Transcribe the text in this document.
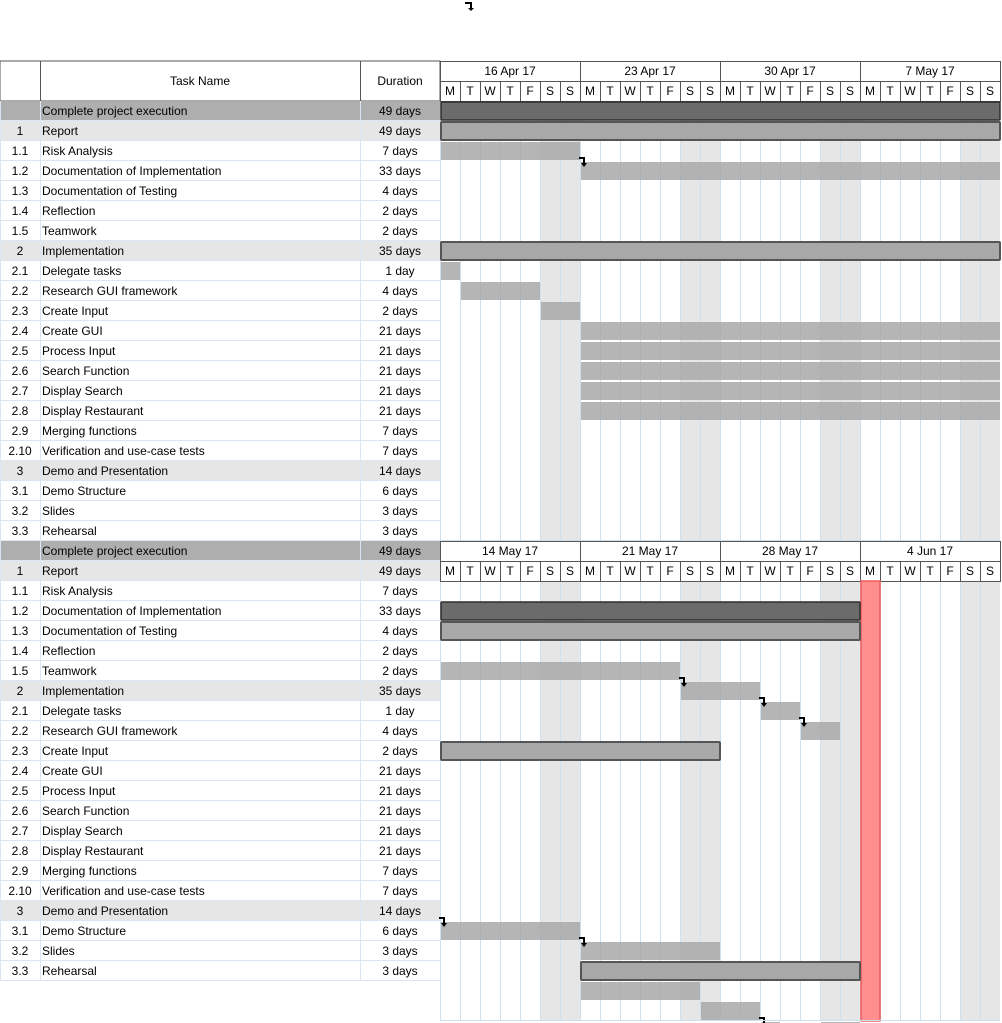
Task Name	Duration
Complete project execution	49 days
1 Report	49 days
1.1 Risk Analysis	7 days
1.2 Documentation of Implementation	33 days
1.3 Documentation of Testing	4 days
1.4 Reflection	2 days
1.5 Teamwork	2 days
2 Implementation	35 days
2.1 Delegate tasks	1 day
2.2 Research GUI framework	4 days
2.3 Create Input	2 days
2.4 Create GUI	21 days
2.5 Process Input	21 days
2.6 Search Function	21 days
2.7 Display Search	21 days
2.8 Display Restaurant	21 days
2.9 Merging functions	7 days
2.10 Verification and use-case tests	7 days
3 Demo and Presentation	14 days
3.1 Demo Structure	6 days
3.2 Slides	3 days
3.3 Rehearsal	3 days
Complete project execution	49 days
1 Report	49 days
1.1 Risk Analysis	7 days
1.2 Documentation of Implementation	33 days
1.3 Documentation of Testing	4 days
1.4 Reflection	2 days
1.5 Teamwork	2 days
2 Implementation	35 days
2.1 Delegate tasks	1 day
2.2 Research GUI framework	4 days
2.3 Create Input	2 days
2.4 Create GUI	21 days
2.5 Process Input	21 days
2.6 Search Function	21 days
2.7 Display Search	21 days
2.8 Display Restaurant	21 days
2.9 Merging functions	7 days
2.10 Verification and use-case tests	7 days
3 Demo and Presentation	14 days
3.1 Demo Structure	6 days
3.2 Slides	3 days
3.3 Rehearsal	3 days
16 Apr 17	23 Apr 17	30 Apr 17	7 May 17
M T W T F S S M T W T F S S M T W T F S S M T W T F S S
14 May 17	21 May 17	28 May 17	4 Jun 17
M T W T F S S M T W T F S S M T W T F S S M T W T F S S
